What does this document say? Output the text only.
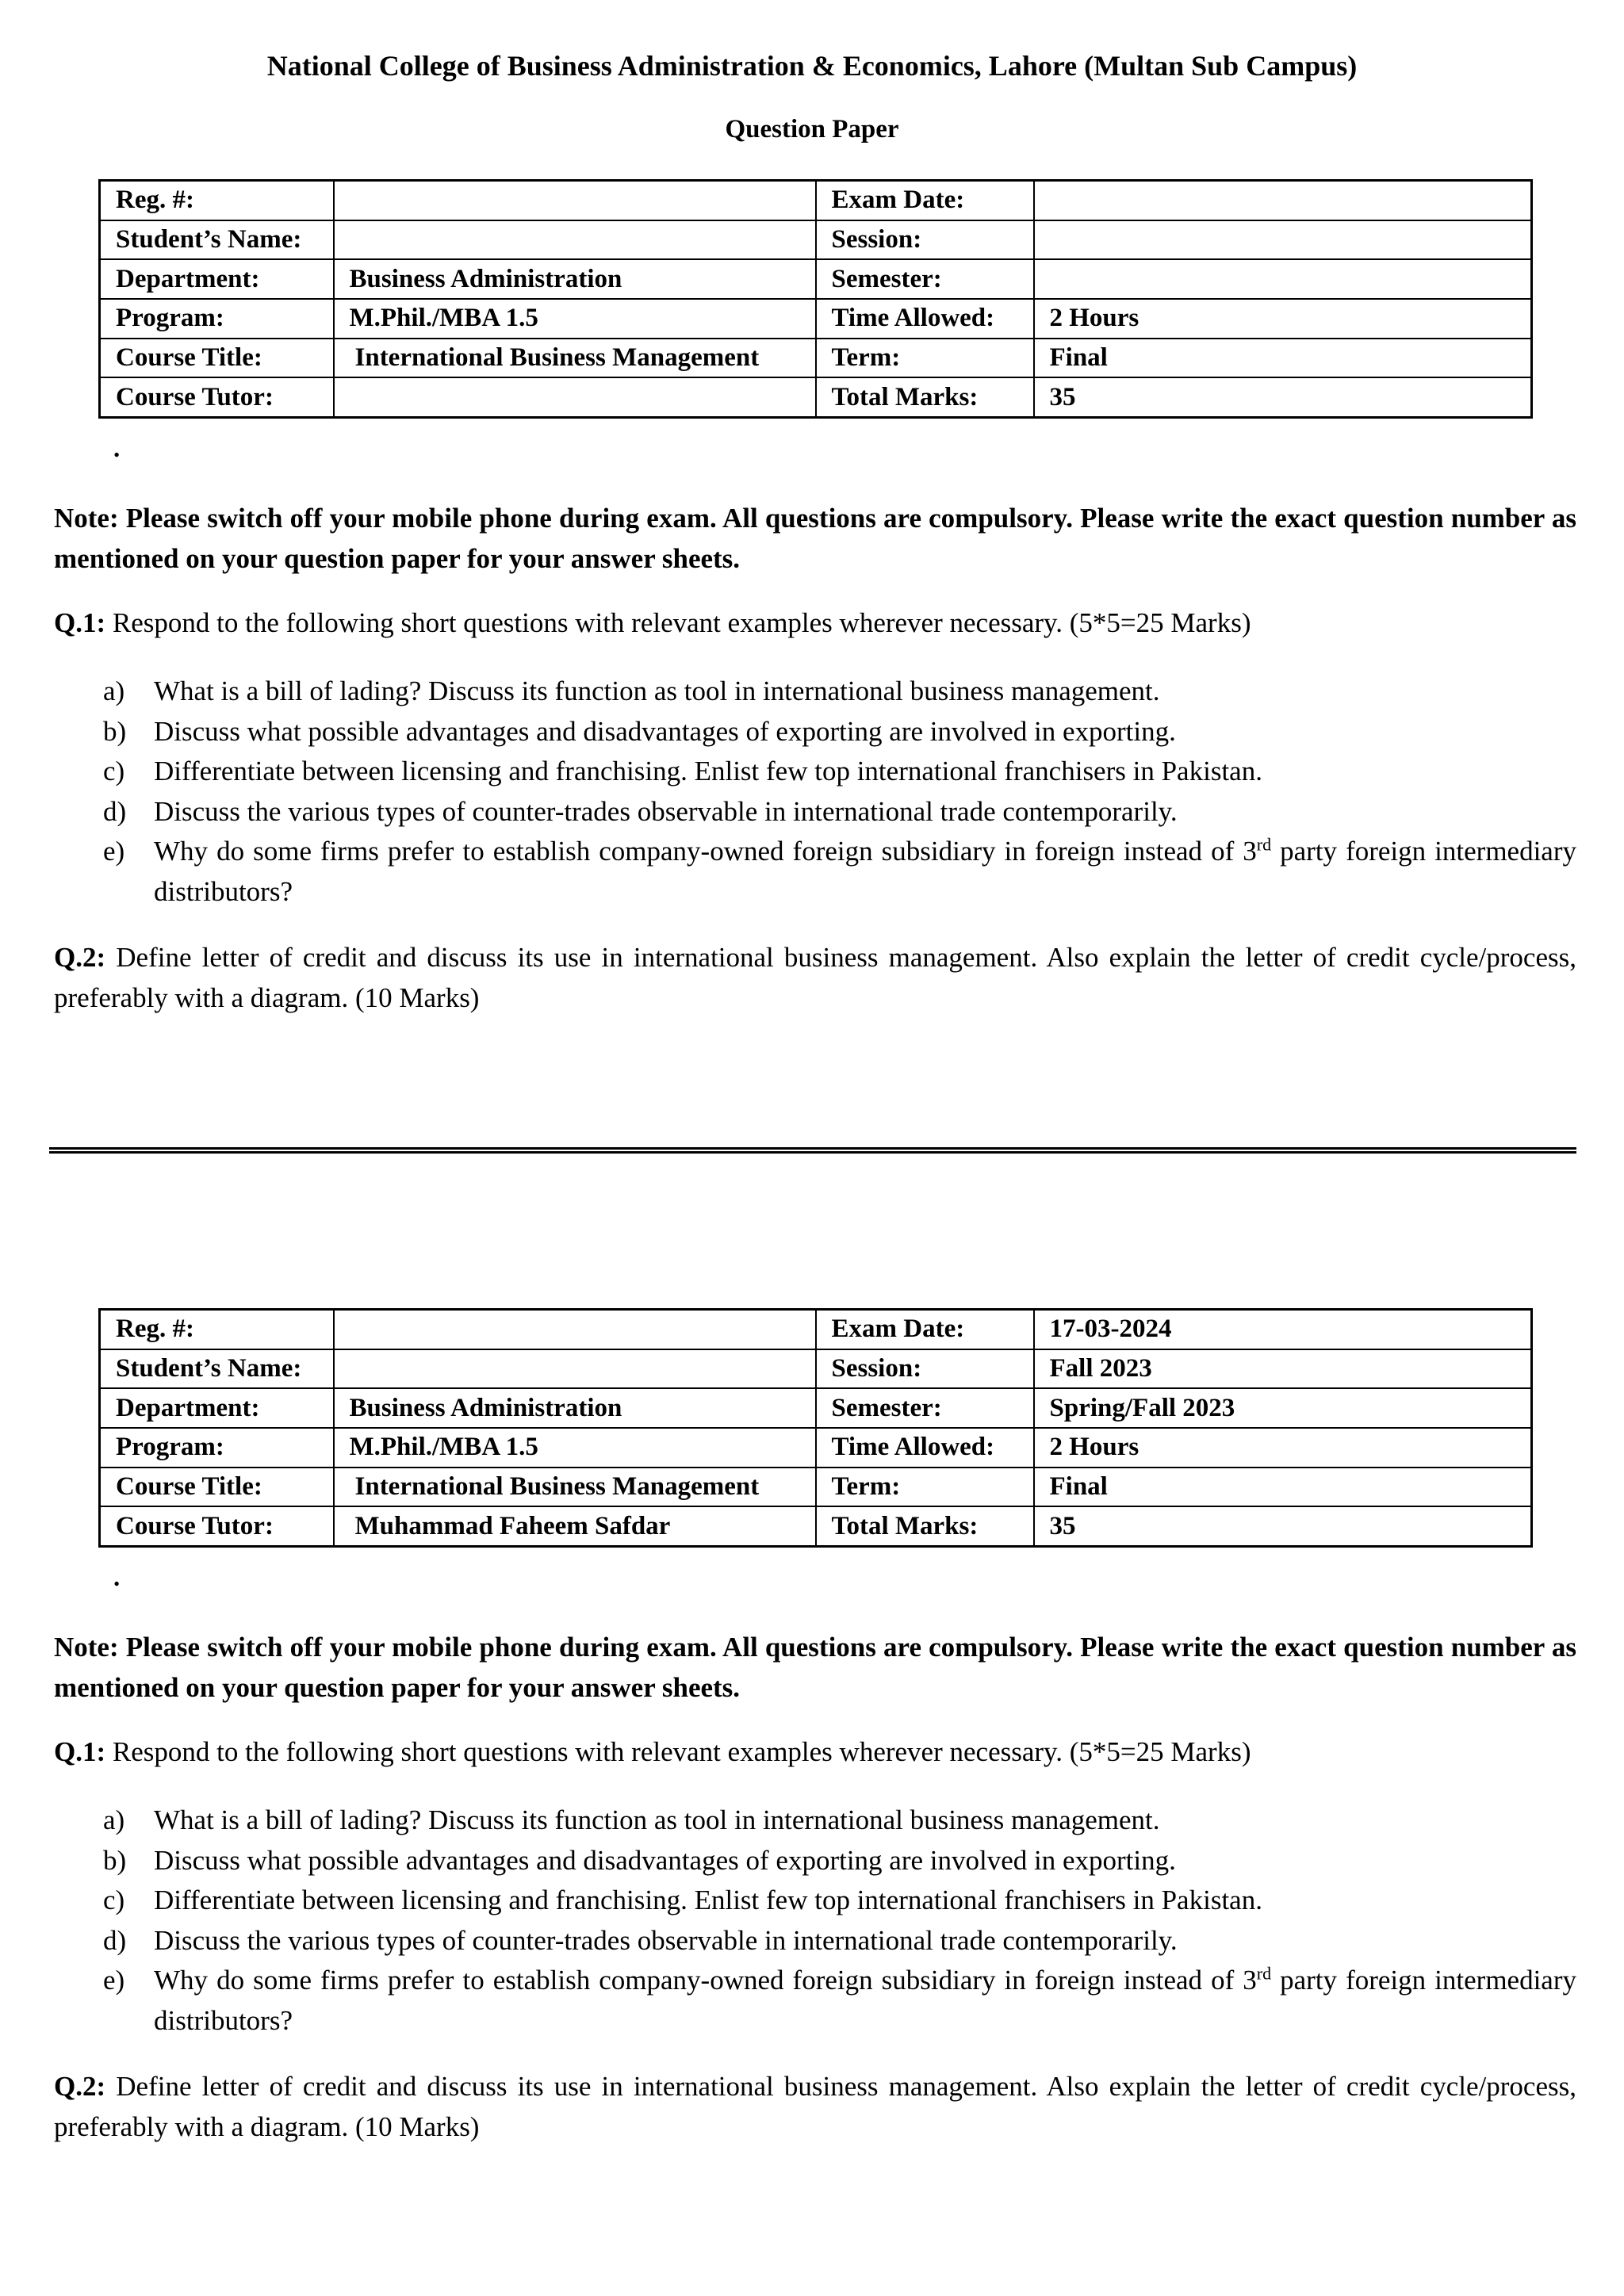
National College of Business Administration & Economics, Lahore (Multan Sub Campus)
Question Paper
Reg. #:		Exam Date:	
Student’s Name:		Session:	
Department:	Business Administration	Semester:	
Program:	M.Phil./MBA 1.5	Time Allowed:	2 Hours
Course Title:	International Business Management	Term:	Final
Course Tutor:		Total Marks:	35
.
Note: Please switch off your mobile phone during exam. All questions are compulsory. Please write the exact question number as mentioned on your question paper for your answer sheets.
Q.1: Respond to the following short questions with relevant examples wherever necessary. (5*5=25 Marks)
a) What is a bill of lading? Discuss its function as tool in international business management.
b) Discuss what possible advantages and disadvantages of exporting are involved in exporting.
c) Differentiate between licensing and franchising. Enlist few top international franchisers in Pakistan.
d) Discuss the various types of counter-trades observable in international trade contemporarily.
e) Why do some firms prefer to establish company-owned foreign subsidiary in foreign instead of 3rd party foreign intermediary distributors?
Q.2: Define letter of credit and discuss its use in international business management. Also explain the letter of credit cycle/process, preferably with a diagram. (10 Marks)
Reg. #:		Exam Date:	17-03-2024
Student’s Name:		Session:	Fall 2023
Department:	Business Administration	Semester:	Spring/Fall 2023
Program:	M.Phil./MBA 1.5	Time Allowed:	2 Hours
Course Title:	International Business Management	Term:	Final
Course Tutor:	Muhammad Faheem Safdar	Total Marks:	35
.
Note: Please switch off your mobile phone during exam. All questions are compulsory. Please write the exact question number as mentioned on your question paper for your answer sheets.
Q.1: Respond to the following short questions with relevant examples wherever necessary. (5*5=25 Marks)
a) What is a bill of lading? Discuss its function as tool in international business management.
b) Discuss what possible advantages and disadvantages of exporting are involved in exporting.
c) Differentiate between licensing and franchising. Enlist few top international franchisers in Pakistan.
d) Discuss the various types of counter-trades observable in international trade contemporarily.
e) Why do some firms prefer to establish company-owned foreign subsidiary in foreign instead of 3rd party foreign intermediary distributors?
Q.2: Define letter of credit and discuss its use in international business management. Also explain the letter of credit cycle/process, preferably with a diagram. (10 Marks)
